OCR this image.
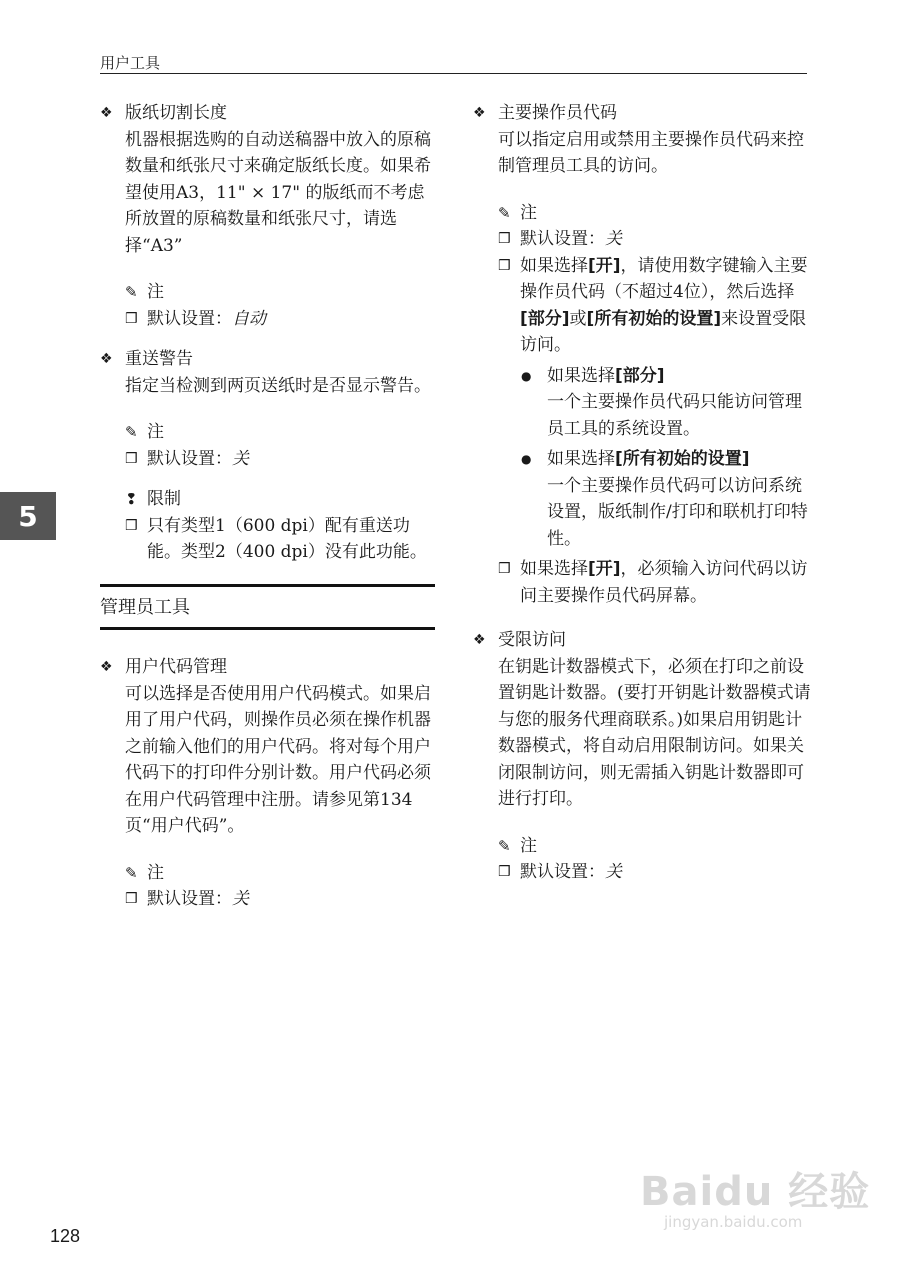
用户工具
5
❖ 版纸切割长度
机器根据选购的自动送稿器中放入的原稿数量和纸张尺寸来确定版纸长度。如果希望使用A3，11" × 17" 的版纸而不考虑所放置的原稿数量和纸张尺寸，请选择“A3”
✎ 注
❒ 默认设置：自动
❖ 重送警告
指定当检测到两页送纸时是否显示警告。
✎ 注
❒ 默认设置：关
❢ 限制
❒ 只有类型1（600 dpi）配有重送功能。类型2（400 dpi）没有此功能。
管理员工具
❖ 用户代码管理
可以选择是否使用用户代码模式。如果启用了用户代码，则操作员必须在操作机器之前输入他们的用户代码。将对每个用户代码下的打印件分别计数。用户代码必须在用户代码管理中注册。请参见第134页“用户代码”。
✎ 注
❒ 默认设置：关
❖ 主要操作员代码
可以指定启用或禁用主要操作员代码来控制管理员工具的访问。
✎ 注
❒ 默认设置：关
❒ 如果选择[开]，请使用数字键输入主要操作员代码（不超过4位），然后选择[部分]或[所有初始的设置]来设置受限访问。
● 如果选择[部分]
一个主要操作员代码只能访问管理员工具的系统设置。
● 如果选择[所有初始的设置]
一个主要操作员代码可以访问系统设置，版纸制作/打印和联机打印特性。
❒ 如果选择[开]，必须输入访问代码以访问主要操作员代码屏幕。
❖ 受限访问
在钥匙计数器模式下，必须在打印之前设置钥匙计数器。(要打开钥匙计数器模式请与您的服务代理商联系。)如果启用钥匙计数器模式，将自动启用限制访问。如果关闭限制访问，则无需插入钥匙计数器即可进行打印。
✎ 注
❒ 默认设置：关
128
Baidu 经验
jingyan.baidu.com
